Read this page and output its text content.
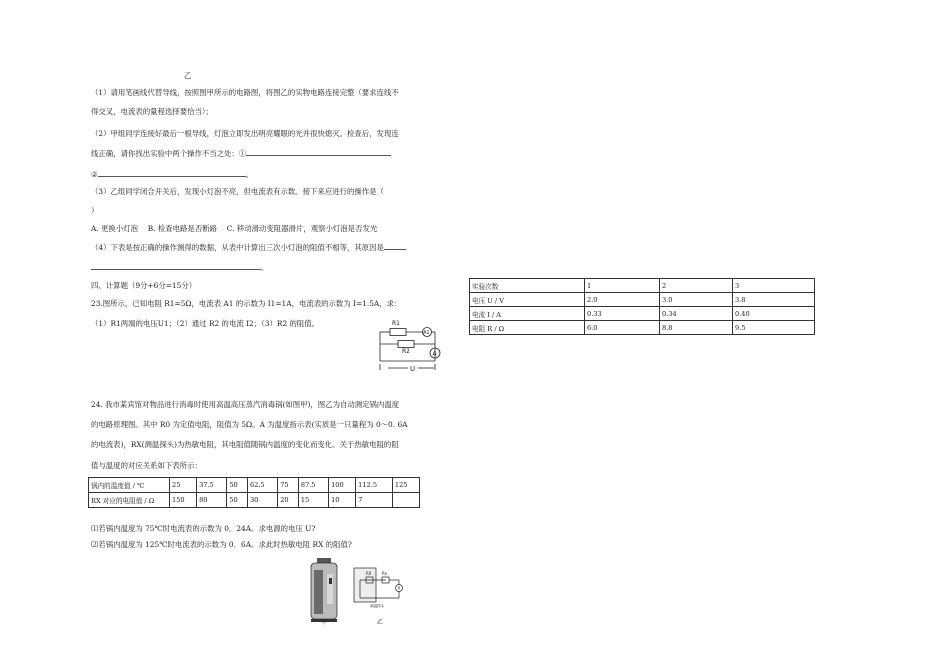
乙
（1）请用笔画线代替导线，按照图甲所示的电路图，将图乙的实物电路连接完整（要求连线不
得交叉，电流表的量程选择要恰当）；
（2）甲组同学连接好最后一根导线，灯泡立即发出明亮耀眼的光并很快熄灭。检查后，发现连
线正确，请你找出实验中两个操作不当之处：①
②	。
（3）乙组同学闭合开关后，发现小灯泡不亮，但电流表有示数。接下来应进行的操作是（
）
A. 更换小灯泡　 B. 检查电路是否断路　 C. 移动滑动变阻器滑片，观察小灯泡是否发光
（4）下表是按正确的操作测得的数据，从表中计算出三次小灯泡的阻值不相等，其原因是
。
四、计算题（9分+6分=15分）
23.图所示，已知电阻 R1=5Ω，电流表 A1 的示数为 I1=1A，电流表的示数为 I=1.5A，求：
（1）R1两端的电压U1；（2）通过 R2 的电流 I2；（3）R2 的阻值。	R1
R2
A1
A
U
实验次数	1	2	3
电压 U / V	2.0	3.0	3.8
电流 I / A	0.33	0.34	0.40
电阻 R / Ω	6.0	8.8	9.5
24. 我市某宾馆对物品进行消毒时使用高温高压蒸汽消毒锅(如图甲)，图乙为自动测定锅内温度
的电路原理图。其中 R0 为定值电阻，阻值为 5Ω。A 为温度指示表(实质是一只量程为 0～0. 6A
的电流表)，RX(测温探头)为热敏电阻，其电阻值随锅内温度的变化而变化。关于热敏电阻的阻
值与温度的对应关系如下表所示：
锅内的温度值 / ℃	25	37.5	50	62.5	75	87.5	100	112.5	125
RX 对应的电阻值 / Ω	150	80	50	30	20	15	10	7	
⑴若锅内温度为 75℃时电流表的示数为 0．24A。求电源的电压 U?
⑵若锅内温度为 125℃时电流表的示数为 0．6A。求此时热敏电阻 RX 的阻值?
R0	Rx
A
测温探头
甲	乙
